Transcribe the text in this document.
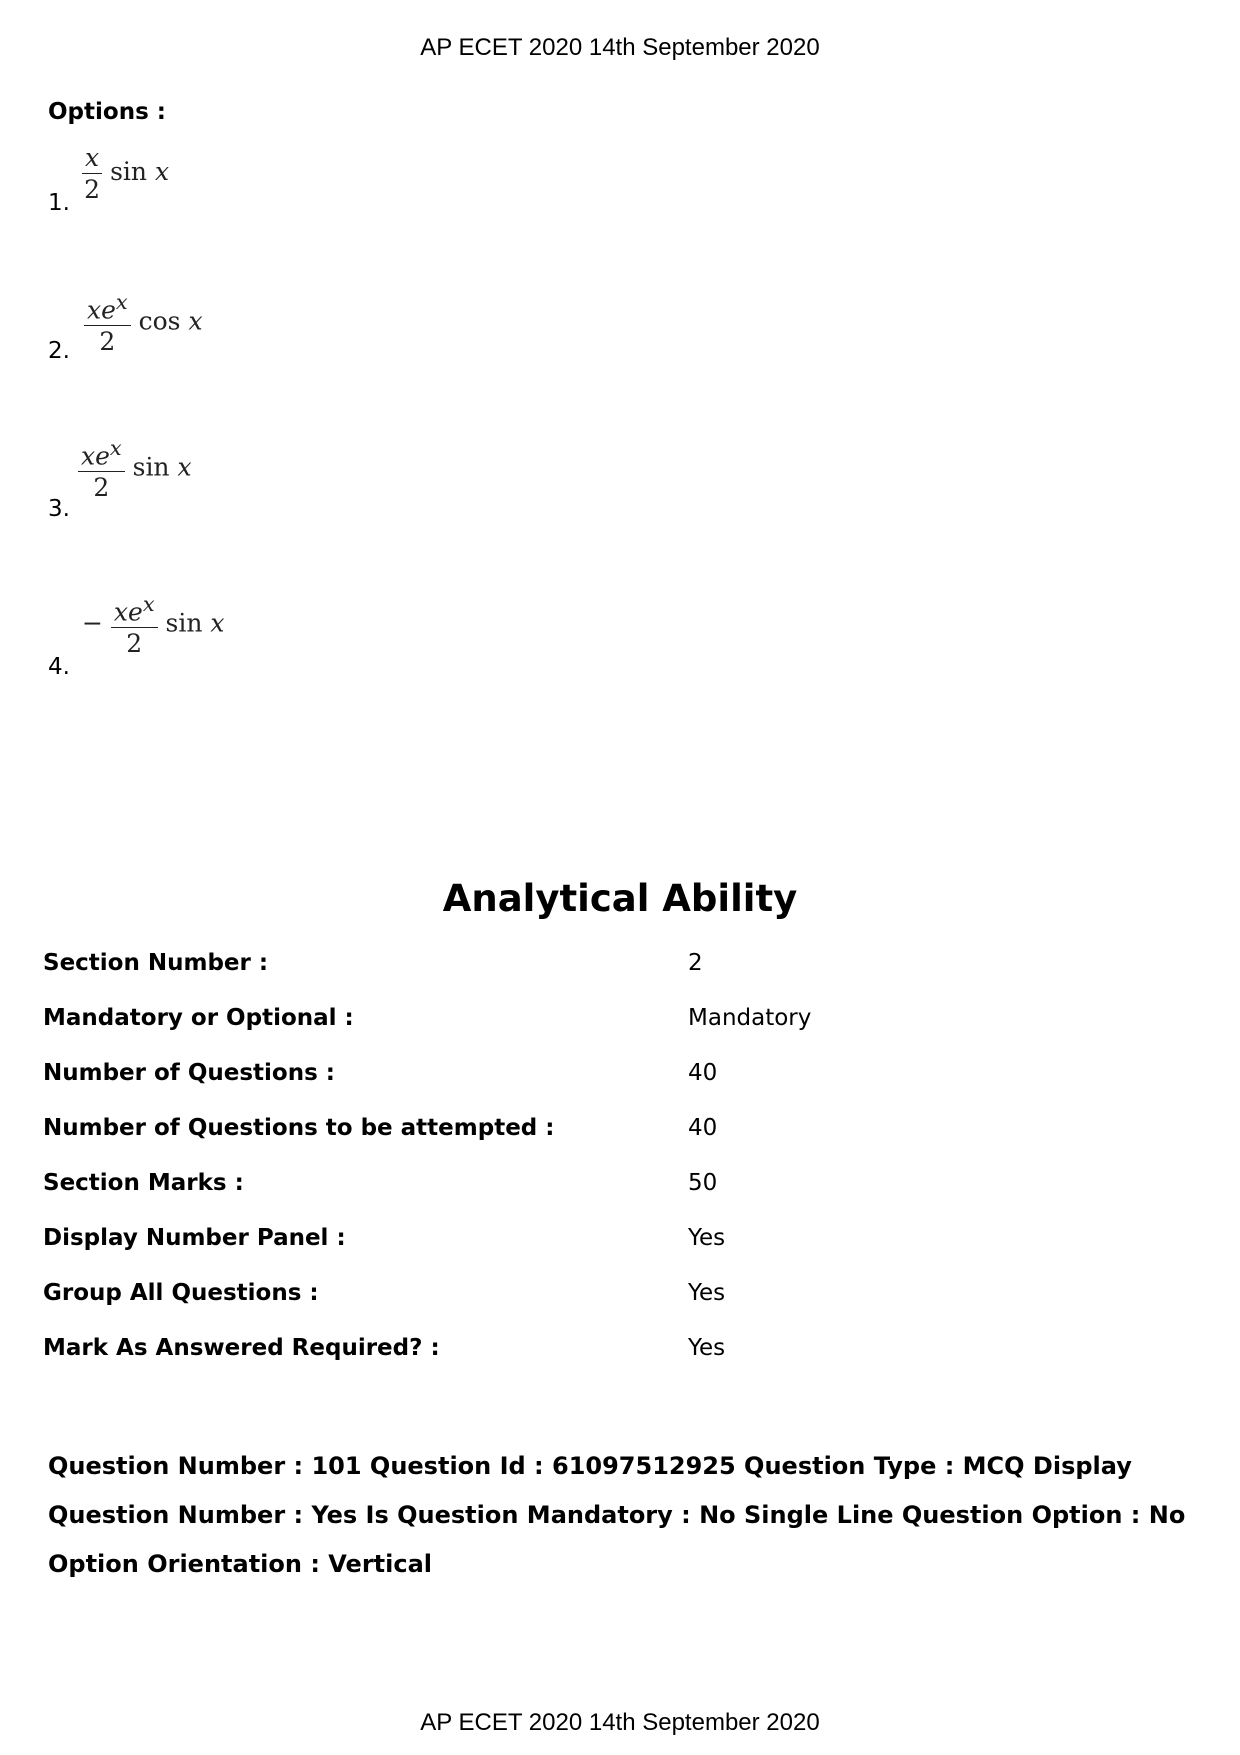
AP ECET 2020 14th September 2020
Options :
1. $\frac{x}{2}$ sin x
2. $\frac{xe^x}{2}$ cos x
3.
$\frac{xe^x}{2}$ sin x
4.
− $\frac{xe^x}{2}$ sin x
Analytical Ability
Section Number :	2
Mandatory or Optional :	Mandatory
Number of Questions :	40
Number of Questions to be attempted :	40
Section Marks :	50
Display Number Panel :	Yes
Group All Questions :	Yes
Mark As Answered Required? :	Yes
Question Number : 101 Question Id : 61097512925 Question Type : MCQ Display Question Number : Yes Is Question Mandatory : No Single Line Question Option : No Option Orientation : Vertical
AP ECET 2020 14th September 2020
